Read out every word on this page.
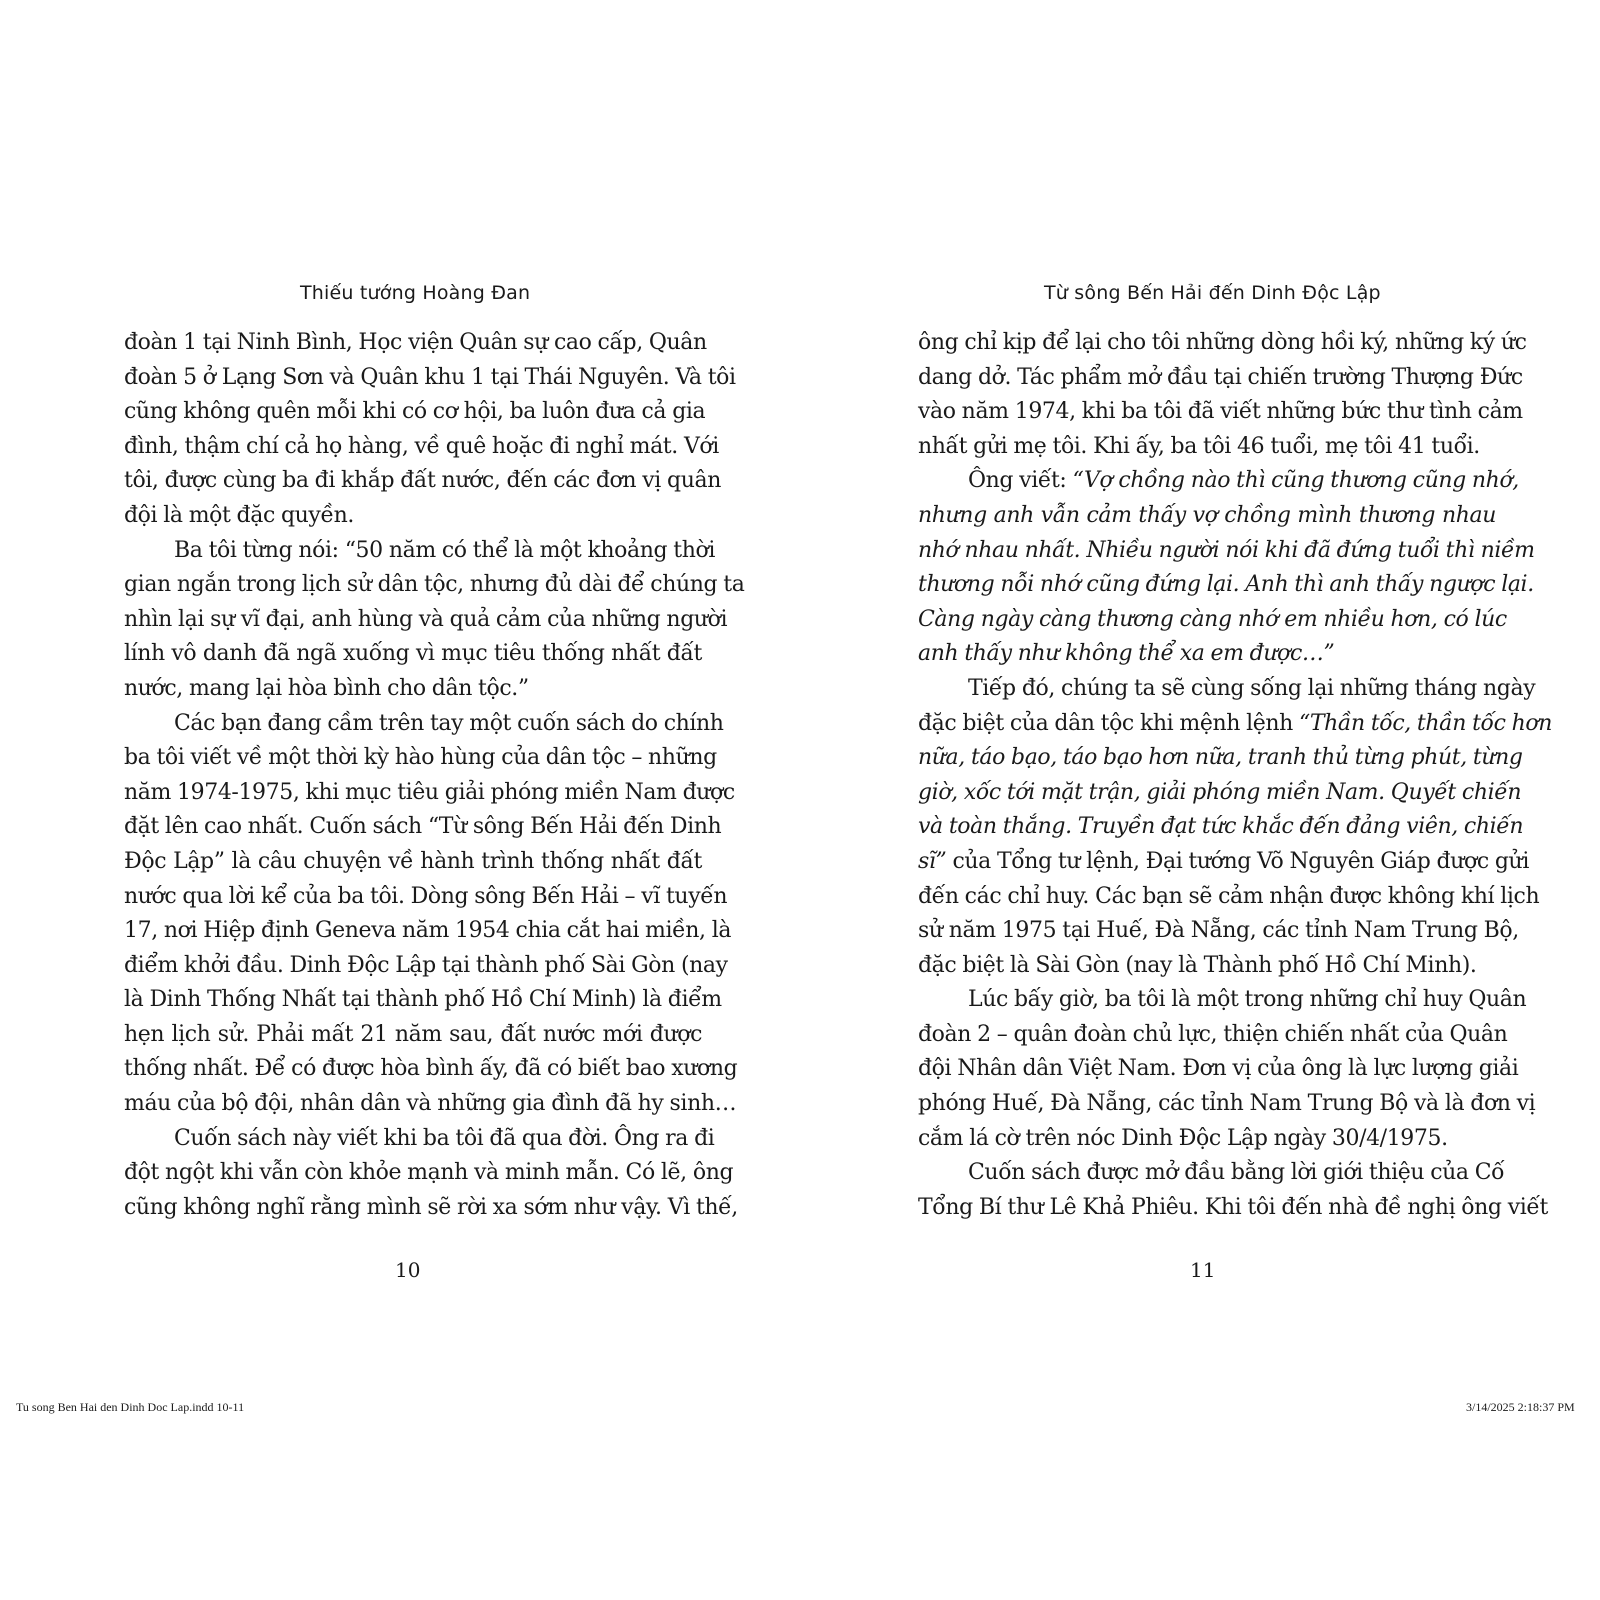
Thiếu tướng Hoàng Đan
đoàn 1 tại Ninh Bình, Học viện Quân sự cao cấp, Quân
đoàn 5 ở Lạng Sơn và Quân khu 1 tại Thái Nguyên. Và tôi
cũng không quên mỗi khi có cơ hội, ba luôn đưa cả gia
đình, thậm chí cả họ hàng, về quê hoặc đi nghỉ mát. Với
tôi, được cùng ba đi khắp đất nước, đến các đơn vị quân
đội là một đặc quyền.
Ba tôi từng nói: “50 năm có thể là một khoảng thời
gian ngắn trong lịch sử dân tộc, nhưng đủ dài để chúng ta
nhìn lại sự vĩ đại, anh hùng và quả cảm của những người
lính vô danh đã ngã xuống vì mục tiêu thống nhất đất
nước, mang lại hòa bình cho dân tộc.”
Các bạn đang cầm trên tay một cuốn sách do chính
ba tôi viết về một thời kỳ hào hùng của dân tộc – những
năm 1974-1975, khi mục tiêu giải phóng miền Nam được
đặt lên cao nhất. Cuốn sách “Từ sông Bến Hải đến Dinh
Độc Lập” là câu chuyện về hành trình thống nhất đất
nước qua lời kể của ba tôi. Dòng sông Bến Hải – vĩ tuyến
17, nơi Hiệp định Geneva năm 1954 chia cắt hai miền, là
điểm khởi đầu. Dinh Độc Lập tại thành phố Sài Gòn (nay
là Dinh Thống Nhất tại thành phố Hồ Chí Minh) là điểm
hẹn lịch sử. Phải mất 21 năm sau, đất nước mới được
thống nhất. Để có được hòa bình ấy, đã có biết bao xương
máu của bộ đội, nhân dân và những gia đình đã hy sinh…
Cuốn sách này viết khi ba tôi đã qua đời. Ông ra đi
đột ngột khi vẫn còn khỏe mạnh và minh mẫn. Có lẽ, ông
cũng không nghĩ rằng mình sẽ rời xa sớm như vậy. Vì thế,
10
Từ sông Bến Hải đến Dinh Độc Lập
ông chỉ kịp để lại cho tôi những dòng hồi ký, những ký ức
dang dở. Tác phẩm mở đầu tại chiến trường Thượng Đức
vào năm 1974, khi ba tôi đã viết những bức thư tình cảm
nhất gửi mẹ tôi. Khi ấy, ba tôi 46 tuổi, mẹ tôi 41 tuổi.
Ông viết: “Vợ chồng nào thì cũng thương cũng nhớ,
nhưng anh vẫn cảm thấy vợ chồng mình thương nhau
nhớ nhau nhất. Nhiều người nói khi đã đứng tuổi thì niềm
thương nỗi nhớ cũng đứng lại. Anh thì anh thấy ngược lại.
Càng ngày càng thương càng nhớ em nhiều hơn, có lúc
anh thấy như không thể xa em được…”
Tiếp đó, chúng ta sẽ cùng sống lại những tháng ngày
đặc biệt của dân tộc khi mệnh lệnh “Thần tốc, thần tốc hơn
nữa, táo bạo, táo bạo hơn nữa, tranh thủ từng phút, từng
giờ, xốc tới mặt trận, giải phóng miền Nam. Quyết chiến
và toàn thắng. Truyền đạt tức khắc đến đảng viên, chiến
sĩ” của Tổng tư lệnh, Đại tướng Võ Nguyên Giáp được gửi
đến các chỉ huy. Các bạn sẽ cảm nhận được không khí lịch
sử năm 1975 tại Huế, Đà Nẵng, các tỉnh Nam Trung Bộ,
đặc biệt là Sài Gòn (nay là Thành phố Hồ Chí Minh).
Lúc bấy giờ, ba tôi là một trong những chỉ huy Quân
đoàn 2 – quân đoàn chủ lực, thiện chiến nhất của Quân
đội Nhân dân Việt Nam. Đơn vị của ông là lực lượng giải
phóng Huế, Đà Nẵng, các tỉnh Nam Trung Bộ và là đơn vị
cắm lá cờ trên nóc Dinh Độc Lập ngày 30/4/1975.
Cuốn sách được mở đầu bằng lời giới thiệu của Cố
Tổng Bí thư Lê Khả Phiêu. Khi tôi đến nhà đề nghị ông viết
11
Tu song Ben Hai den Dinh Doc Lap.indd 10-11	3/14/2025 2:18:37 PM
